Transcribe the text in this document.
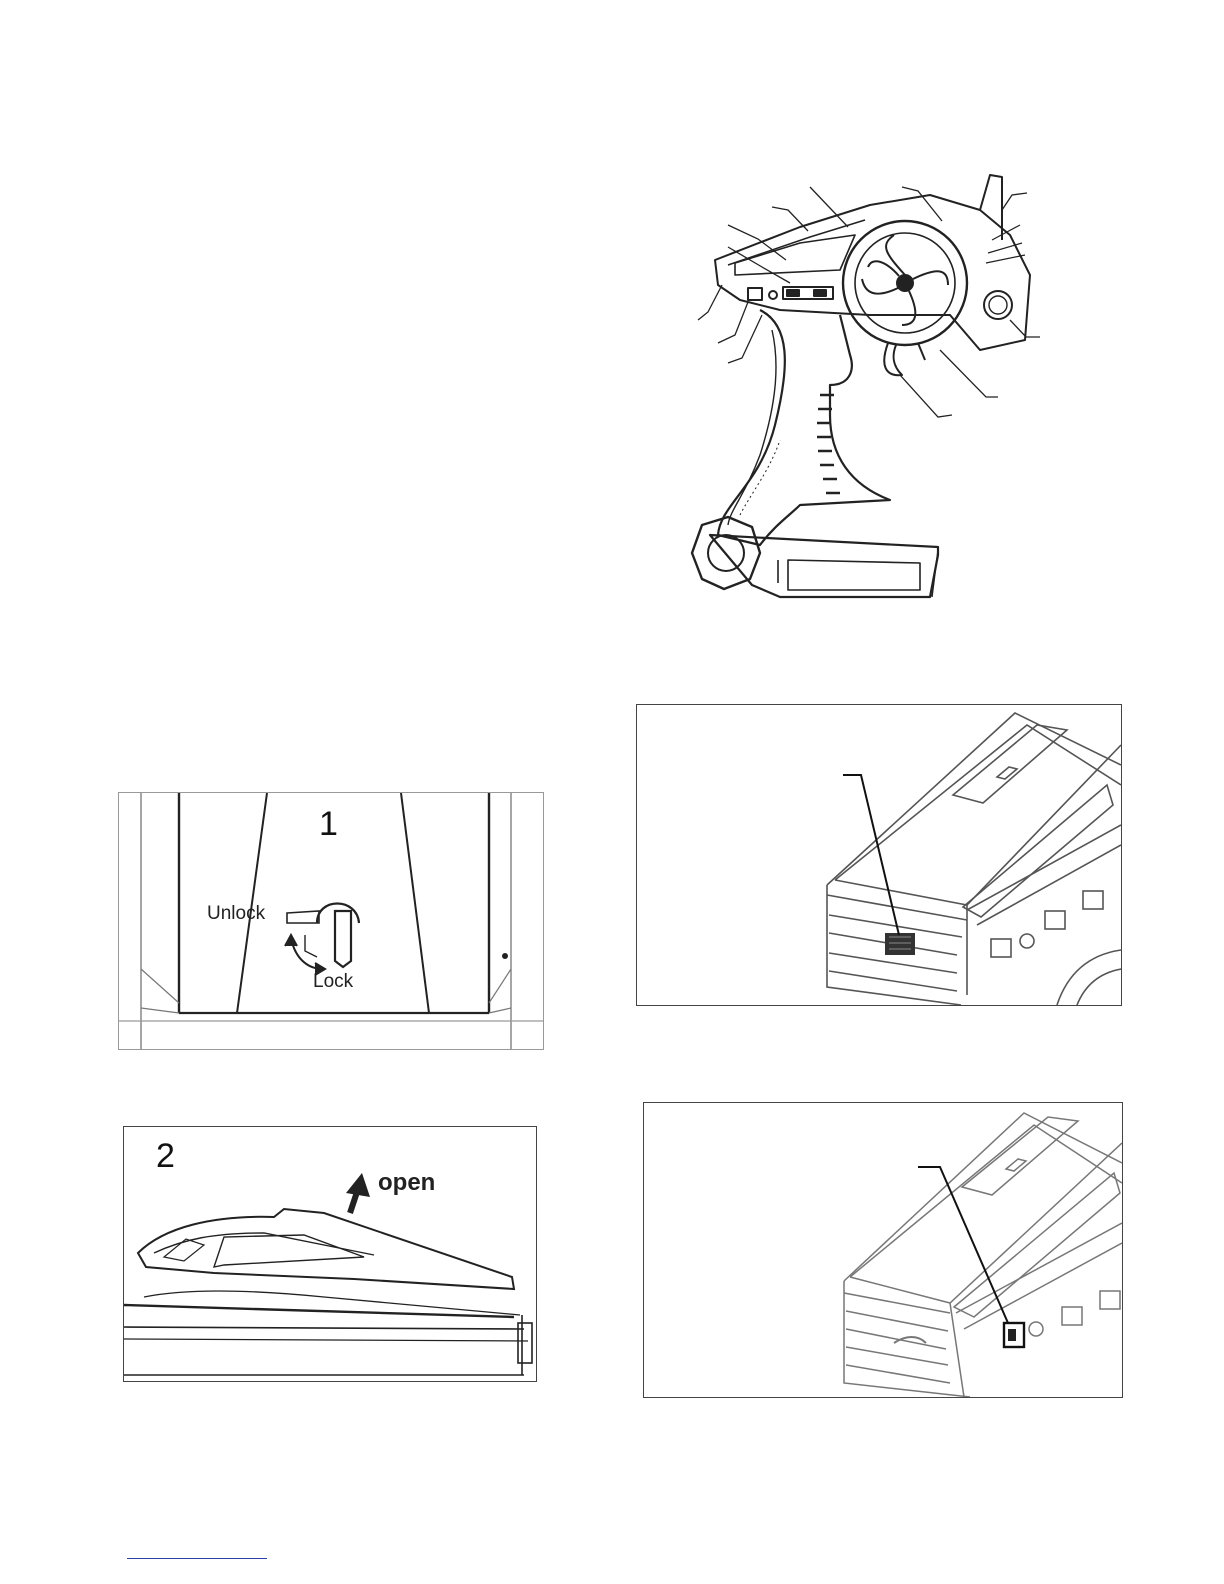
1
Unlock
Lock
2
open
